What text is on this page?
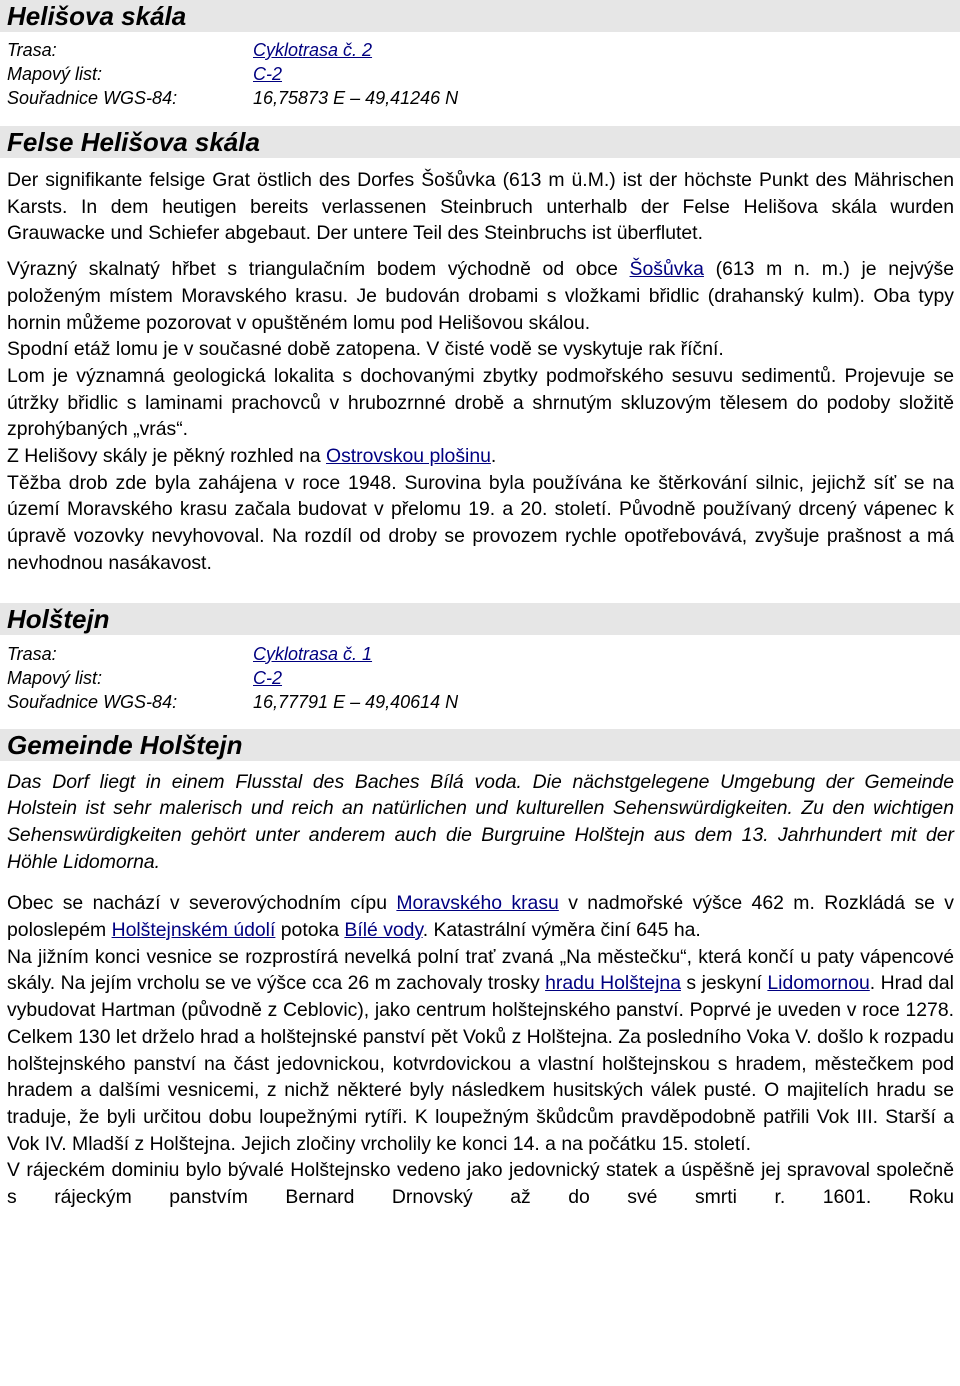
Helišova skála
Trasa:	Cyklotrasa č. 2
Mapový list:	C-2
Souřadnice WGS-84:	16,75873 E – 49,41246 N
Felse Helišova skála

Der signifikante felsige Grat östlich des Dorfes Šošůvka (613 m ü.M.) ist der höchste Punkt des Mährischen Karsts. In dem heutigen bereits verlassenen Steinbruch unterhalb der Felse Helišova skála wurden Grauwacke und Schiefer abgebaut. Der untere Teil des Steinbruchs ist überflutet.

Výrazný skalnatý hřbet s triangulačním bodem východně od obce Šošůvka (613 m n. m.) je nejvýše položeným místem Moravského krasu. Je budován drobami s vložkami břidlic (drahanský kulm). Oba typy hornin můžeme pozorovat v opuštěném lomu pod Helišovou skálou.

Spodní etáž lomu je v současné době zatopena. V čisté vodě se vyskytuje rak říční.

Lom je významná geologická lokalita s dochovanými zbytky podmořského sesuvu sedimentů. Projevuje se útržky břidlic s laminami prachovců v hrubozrnné drobě a shrnutým skluzovým tělesem do podoby složitě zprohýbaných „vrás“.

Z Helišovy skály je pěkný rozhled na Ostrovskou plošinu.

Těžba drob zde byla zahájena v roce 1948. Surovina byla používána ke štěrkování silnic, jejichž síť se na území Moravského krasu začala budovat v přelomu 19. a 20. století. Původně používaný drcený vápenec k úpravě vozovky nevyhovoval. Na rozdíl od droby se provozem rychle opotřebovává, zvyšuje prašnost a má nevhodnou nasákavost.

Holštejn
Trasa:	Cyklotrasa č. 1
Mapový list:	C-2
Souřadnice WGS-84:	16,77791 E – 49,40614 N
Gemeinde Holštejn

Das Dorf liegt in einem Flusstal des Baches Bílá voda. Die nächstgelegene Umgebung der Gemeinde Holstein ist sehr malerisch und reich an natürlichen und kulturellen Sehenswürdigkeiten. Zu den wichtigen Sehenswürdigkeiten gehört unter anderem auch die Burgruine Holštejn aus dem 13. Jahrhundert mit der Höhle Lidomorna.

Obec se nachází v severovýchodním cípu Moravského krasu v nadmořské výšce 462 m. Rozkládá se v poloslepém Holštejnském údolí potoka Bílé vody. Katastrální výměra činí 645 ha.

Na jižním konci vesnice se rozprostírá nevelká polní trať zvaná „Na městečku“, která končí u paty vápencové skály. Na jejím vrcholu se ve výšce cca 26 m zachovaly trosky hradu Holštejna s jeskyní Lidomornou. Hrad dal vybudovat Hartman (původně z Ceblovic), jako centrum holštejnského panství. Poprvé je uveden v roce 1278. Celkem 130 let drželo hrad a holštejnské panství pět Voků z Holštejna. Za posledního Voka V. došlo k rozpadu holštejnského panství na část jedovnickou, kotvrdovickou a vlastní holštejnskou s hradem, městečkem pod hradem a dalšími vesnicemi, z nichž některé byly následkem husitských válek pusté. O majitelích hradu se traduje, že byli určitou dobu loupežnými rytíři. K loupežným škůdcům pravděpodobně patřili Vok III. Starší a Vok IV. Mladší z Holštejna. Jejich zločiny vrcholily ke konci 14. a na počátku 15. století.

V rájeckém dominiu bylo bývalé Holštejnsko vedeno jako jedovnický statek a úspěšně jej spravoval společně s rájeckým panstvím Bernard Drnovský až do své smrti r. 1601. Roku
